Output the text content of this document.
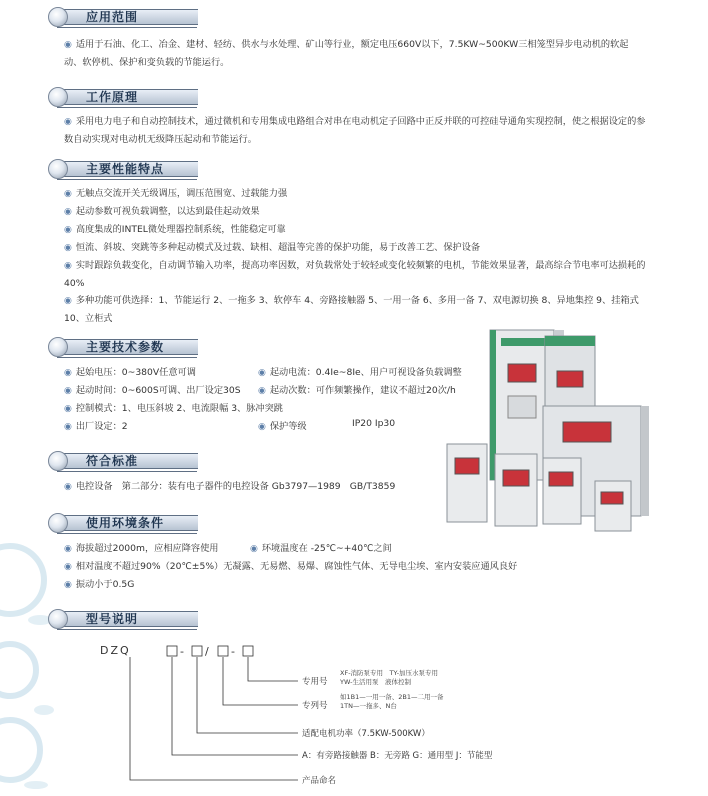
应用范围
◉ 适用于石油、化工、冶金、建材、轻纺、供水与水处理、矿山等行业，额定电压660V以下，7.5KW~500KW三相笼型异步电动机的软起动、软停机、保护和变负载的节能运行。
工作原理
◉ 采用电力电子和自动控制技术，通过微机和专用集成电路组合对串在电动机定子回路中正反并联的可控硅导通角实现控制，使之根据设定的参数自动实现对电动机无级降压起动和节能运行。
主要性能特点
◉ 无触点交流开关无级调压，调压范围宽、过载能力强
◉ 起动参数可视负载调整，以达到最佳起动效果
◉ 高度集成的INTEL微处理器控制系统，性能稳定可靠
◉ 恒流、斜坡、突跳等多种起动模式及过载、缺相、超温等完善的保护功能，易于改善工艺、保护设备
◉ 实时跟踪负载变化，自动调节输入功率，提高功率因数，对负载常处于较轻或变化较频繁的电机，节能效果显著，最高综合节电率可达损耗的40%
◉ 多种功能可供选择：1、节能运行 2、一拖多 3、软停车 4、旁路接触器 5、一用一备 6、多用一备 7、双电源切换 8、异地集控 9、挂箱式 10、立柜式
主要技术参数
◉ 起始电压：0~380V任意可调
◉ 起动时间：0~600S可调、出厂设定30S
◉ 控制模式：1、电压斜坡 2、电流限幅 3、脉冲突跳
◉ 出厂设定：2
◉ 起动电流：0.4Ie~8Ie、用户可视设备负载调整
◉ 起动次数：可作频繁操作，建议不超过20次/h
◉ 保护等级	IP20 Ip30
符合标准
◉ 电控设备　第二部分：装有电子器件的电控设备 Gb3797—1989　GB/T3859
使用环境条件
◉ 海拔超过2000m，应相应降容使用	◉ 环境温度在 -25℃~+40℃之间
◉ 相对温度不超过90%（20℃±5%）无凝露、无易燃、易爆、腐蚀性气体、无导电尘埃、室内安装应通风良好
◉ 振动小于0.5G
型号说明
- / -
DZQ
专用号
XF-消防泵专用　TY-加压水泵专用
YW-生活用泵　液体控制
专列号
如1B1—一用一备、2B1—二用一备
1TN—一拖多、N台
适配电机功率（7.5KW-500KW）
A：有旁路接触器 B：无旁路 G：通用型 J：节能型
产品命名
